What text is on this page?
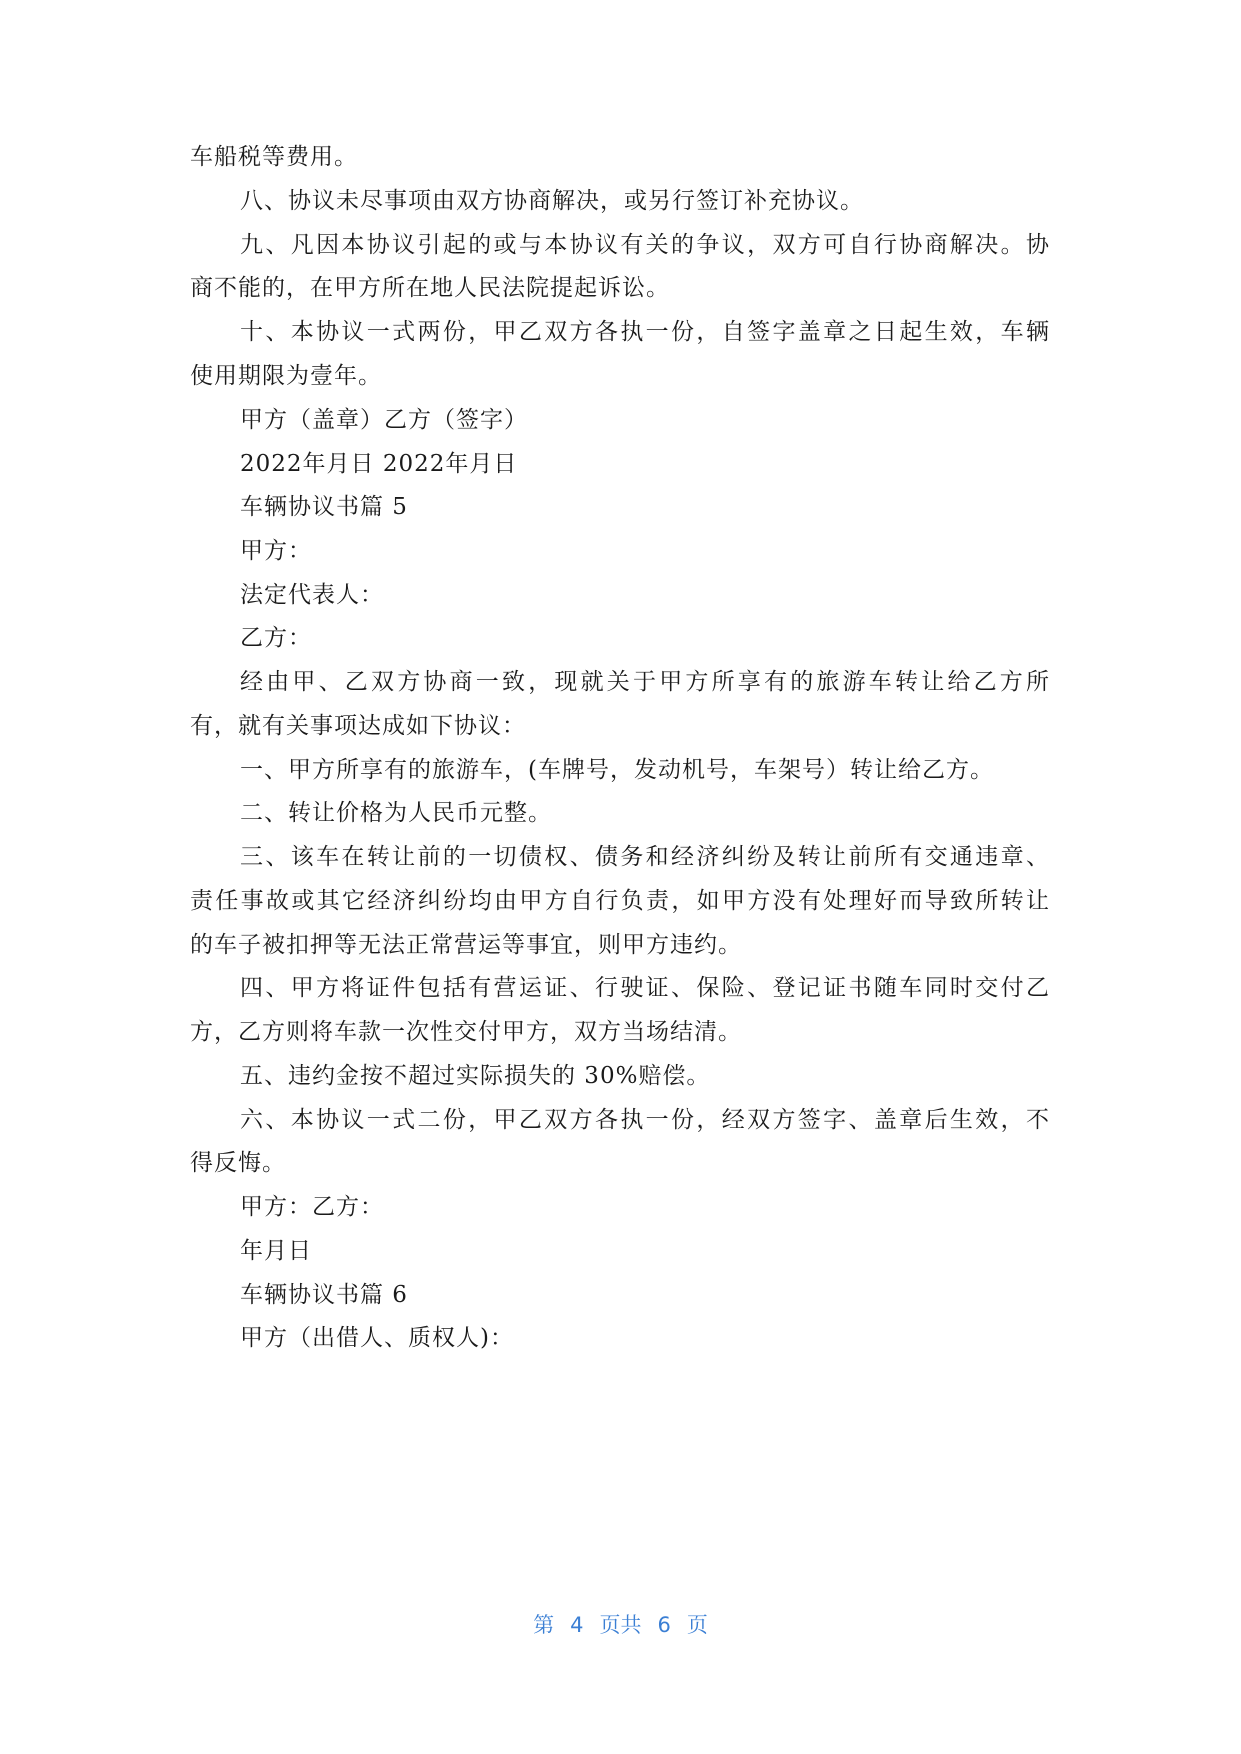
车船税等费用。
八、协议未尽事项由双方协商解决，或另行签订补充协议。
九、凡因本协议引起的或与本协议有关的争议，双方可自行协商解决。协
商不能的，在甲方所在地人民法院提起诉讼。
十、本协议一式两份，甲乙双方各执一份，自签字盖章之日起生效，车辆
使用期限为壹年。
甲方（盖章）乙方（签字）
2022年月日 2022年月日
车辆协议书篇 5
甲方：
法定代表人：
乙方：
经由甲、乙双方协商一致，现就关于甲方所享有的旅游车转让给乙方所
有，就有关事项达成如下协议：
一、甲方所享有的旅游车，(车牌号，发动机号，车架号）转让给乙方。
二、转让价格为人民币元整。
三、该车在转让前的一切债权、债务和经济纠纷及转让前所有交通违章、
责任事故或其它经济纠纷均由甲方自行负责，如甲方没有处理好而导致所转让
的车子被扣押等无法正常营运等事宜，则甲方违约。
四、甲方将证件包括有营运证、行驶证、保险、登记证书随车同时交付乙
方，乙方则将车款一次性交付甲方，双方当场结清。
五、违约金按不超过实际损失的 30%赔偿。
六、本协议一式二份，甲乙双方各执一份，经双方签字、盖章后生效，不
得反悔。
甲方：乙方：
年月日
车辆协议书篇 6
甲方（出借人、质权人)：
第 4 页共 6 页
